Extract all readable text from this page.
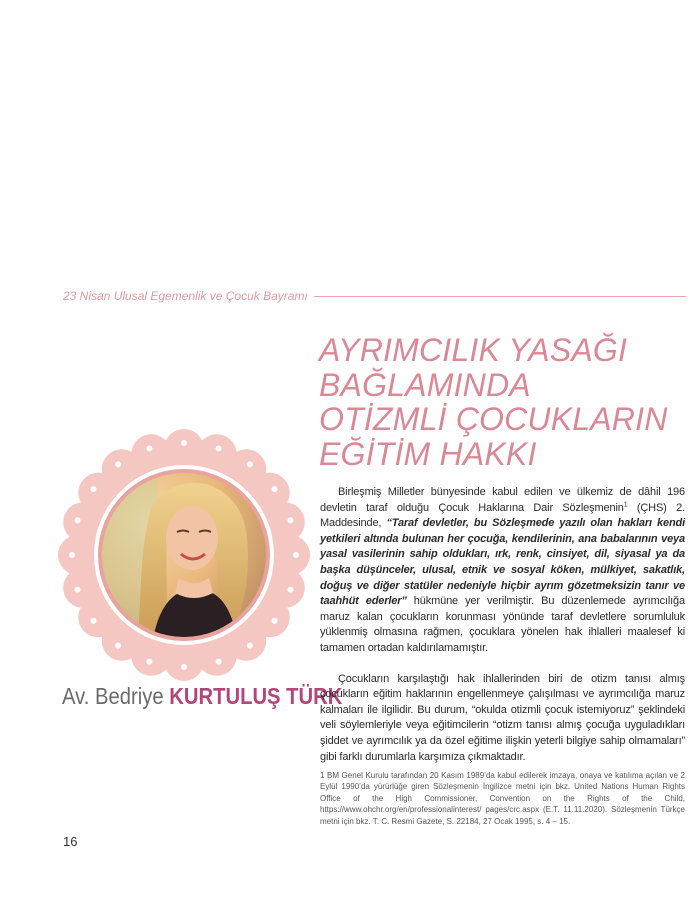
23 Nisan Ulusal Egemenlik ve Çocuk Bayramı
AYRIMCILIK YASAĞI
BAĞLAMINDA
OTİZMLİ ÇOCUKLARIN
EĞİTİM HAKKI
Av. Bedriye KURTULUŞ TÜRK

Birleşmiş Milletler bünyesinde kabul edilen ve ülkemiz de dâhil 196 devletin taraf olduğu Çocuk Haklarına Dair Sözleşmenin$^1$ (ÇHS) 2. Maddesinde, “Taraf devletler, bu Sözleşmede yazılı olan hakları kendi yetkileri altında bulunan her çocuğa, kendilerinin, ana babalarının veya yasal vasilerinin sahip oldukları, ırk, renk, cinsiyet, dil, siyasal ya da başka düşünceler, ulusal, etnik ve sosyal köken, mülkiyet, sakatlık, doğuş ve diğer statüler nedeniyle hiçbir ayrım gözetmeksizin tanır ve taahhüt ederler” hükmüne yer verilmiştir. Bu düzenlemede ayrımcılığa maruz kalan çocukların korunması yönünde taraf devletlere sorumluluk yüklenmiş olmasına rağmen, çocuklara yönelen hak ihlalleri maalesef ki tamamen ortadan kaldırılamamıştır.

Çocukların karşılaştığı hak ihlallerinden biri de otizm tanısı almış çocukların eğitim haklarının engellenmeye çalışılması ve ayrımcılığa maruz kalmaları ile ilgilidir. Bu durum, “okulda otizmli çocuk istemiyoruz” şeklindeki veli söylemleriyle veya eğitimcilerin “otizm tanısı almış çocuğa uyguladıkları şiddet ve ayrımcılık ya da özel eğitime ilişkin yeterli bilgiye sahip olmamaları” gibi farklı durumlarla karşımıza çıkmaktadır.

1 BM Genel Kurulu tarafından 20 Kasım 1989’da kabul edilerek imzaya, onaya ve katılıma açılan ve 2 Eylül 1990’da yürürlüğe giren Sözleşmenin İngilizce metni için bkz. United Nations Human Rights Office of the High Commissioner, Convention on the Rights of the Child, https://www.ohchr.org/en/professionalinterest/ pages/crc.aspx (E.T. 11.11.2020). Sözleşmenin Türkçe metni için bkz. T. C. Resmi Gazete, S. 22184, 27 Ocak 1995, s. 4 – 15.
16
